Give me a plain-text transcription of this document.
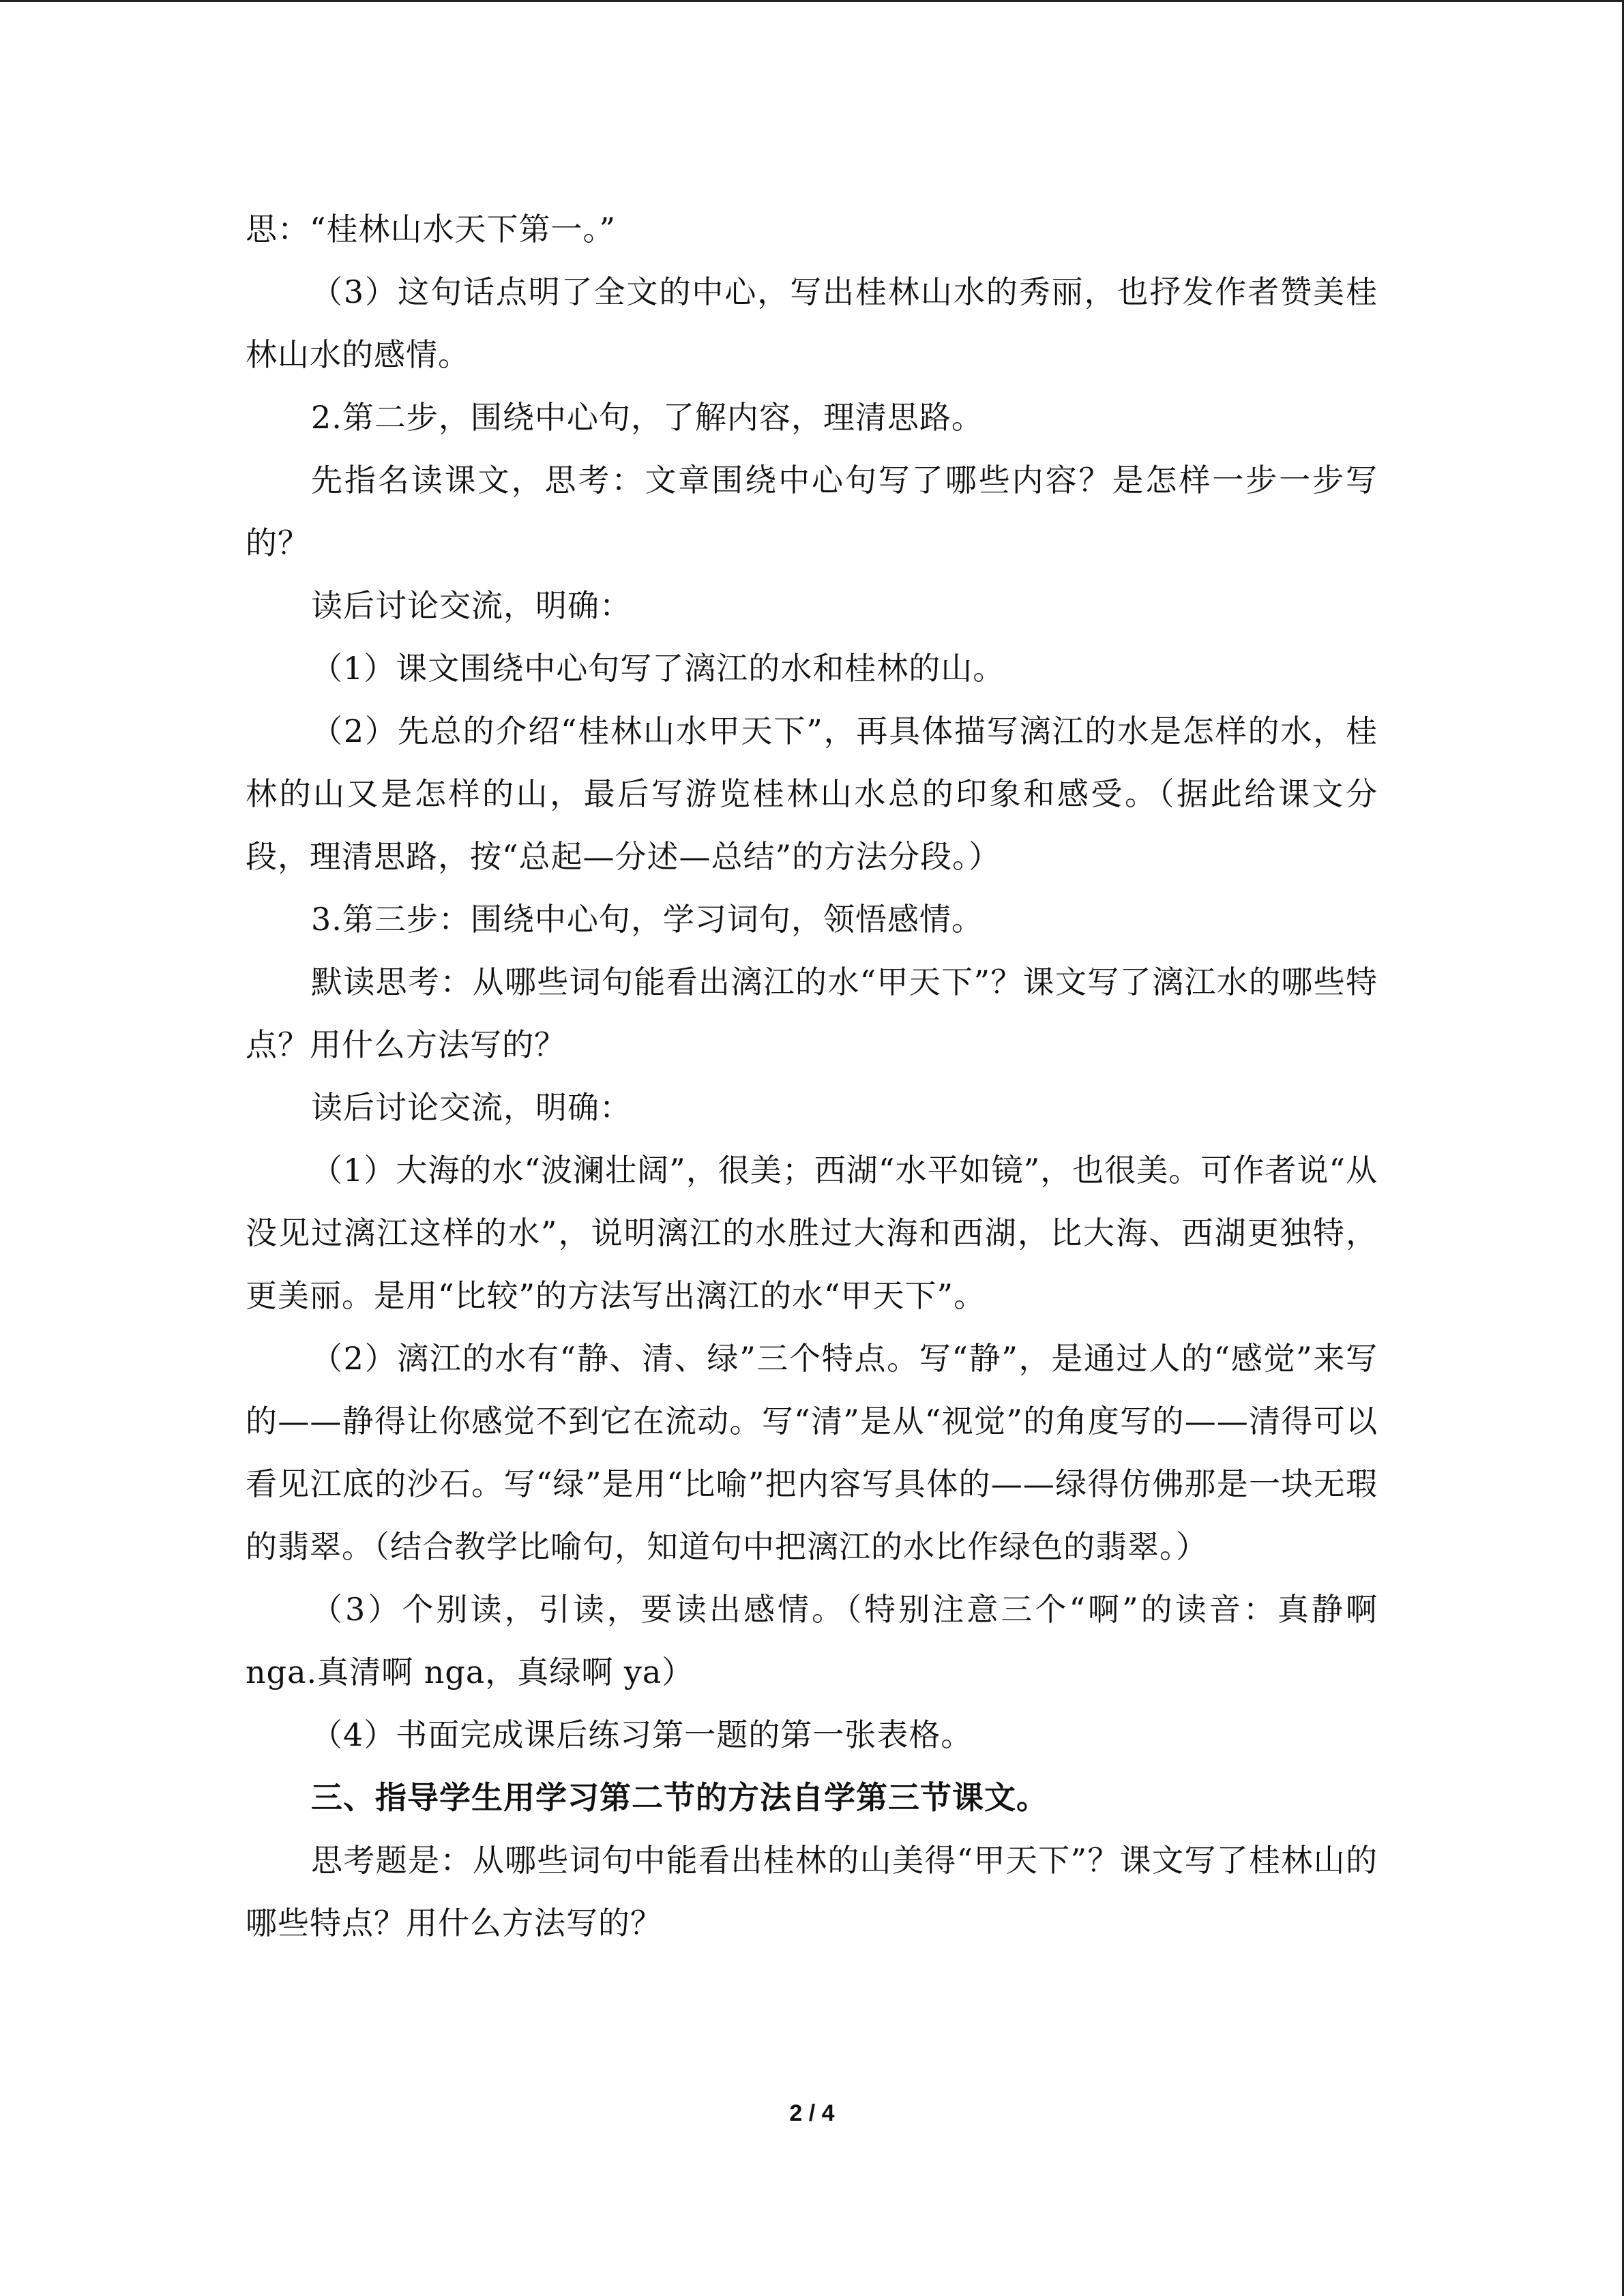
思：“桂林山水天下第一。”

（3）这句话点明了全文的中心，写出桂林山水的秀丽，也抒发作者赞美桂林山水的感情。

2.第二步，围绕中心句，了解内容，理清思路。

先指名读课文，思考：文章围绕中心句写了哪些内容？是怎样一步一步写的？

读后讨论交流，明确：

（1）课文围绕中心句写了漓江的水和桂林的山。

（2）先总的介绍“桂林山水甲天下”，再具体描写漓江的水是怎样的水，桂林的山又是怎样的山，最后写游览桂林山水总的印象和感受。（据此给课文分段，理清思路，按“总起—分述—总结”的方法分段。）

3.第三步：围绕中心句，学习词句，领悟感情。

默读思考：从哪些词句能看出漓江的水“甲天下”？课文写了漓江水的哪些特点？用什么方法写的？

读后讨论交流，明确：

（1）大海的水“波澜壮阔”，很美；西湖“水平如镜”，也很美。可作者说“从没见过漓江这样的水”，说明漓江的水胜过大海和西湖，比大海、西湖更独特，更美丽。是用“比较”的方法写出漓江的水“甲天下”。

（2）漓江的水有“静、清、绿”三个特点。写“静”，是通过人的“感觉”来写的——静得让你感觉不到它在流动。写“清”是从“视觉”的角度写的——清得可以看见江底的沙石。写“绿”是用“比喻”把内容写具体的——绿得仿佛那是一块无瑕的翡翠。（结合教学比喻句，知道句中把漓江的水比作绿色的翡翠。）

（3）个别读，引读，要读出感情。（特别注意三个“啊”的读音：真静啊nga.真清啊 nga，真绿啊 ya）

（4）书面完成课后练习第一题的第一张表格。

三、指导学生用学习第二节的方法自学第三节课文。

思考题是：从哪些词句中能看出桂林的山美得“甲天下”？课文写了桂林山的哪些特点？用什么方法写的？

2 / 4
